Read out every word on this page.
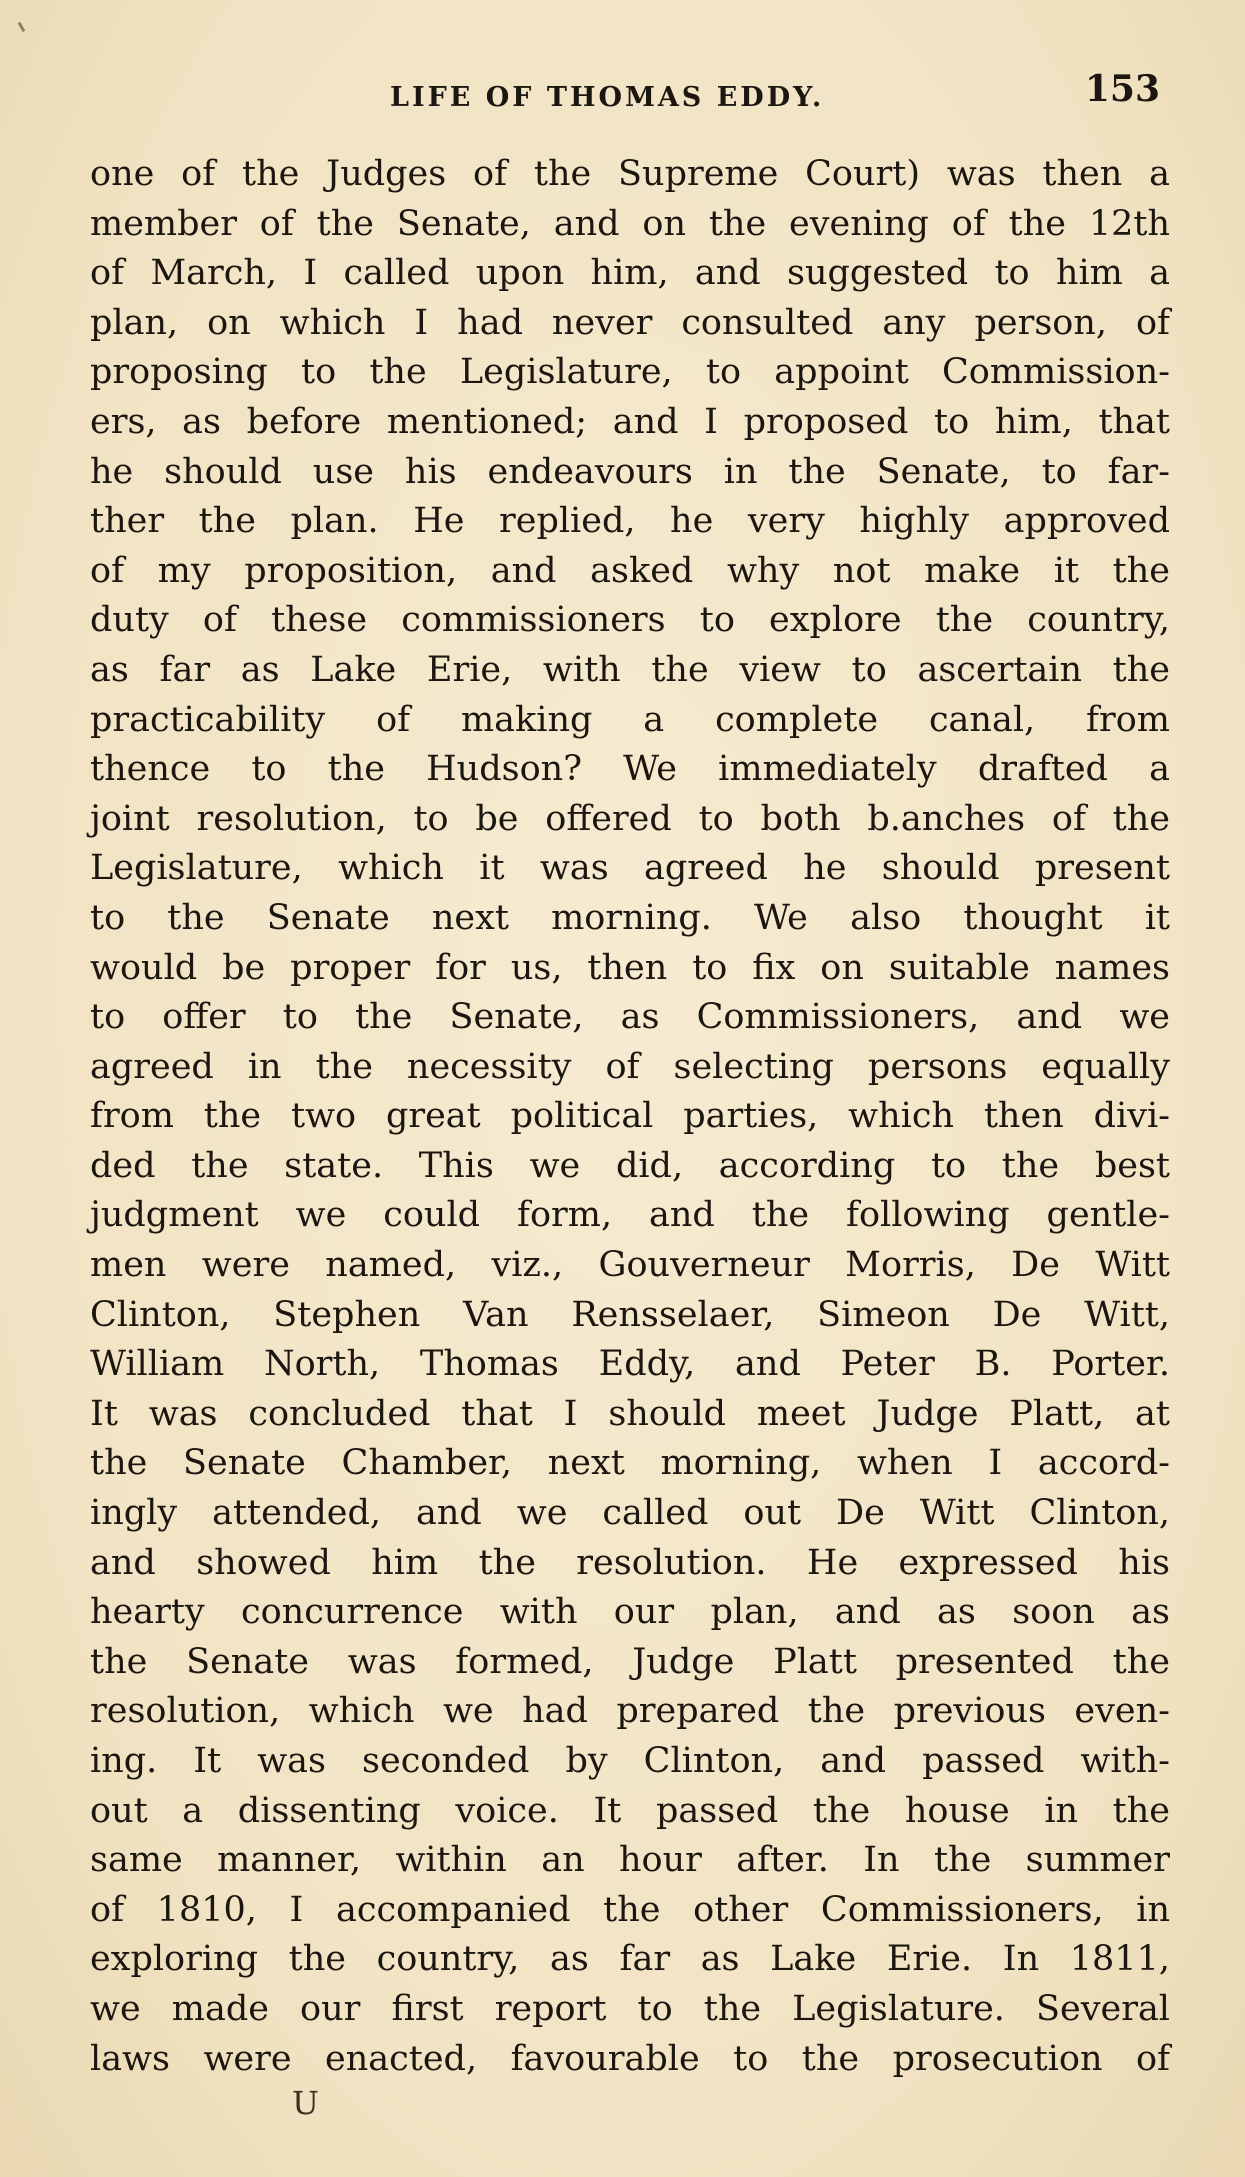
LIFE OF THOMAS EDDY.	153
one of the Judges of the Supreme Court) was then a
member of the Senate, and on the evening of the 12th
of March, I called upon him, and suggested to him a
plan, on which I had never consulted any person, of
proposing to the Legislature, to appoint Commission-
ers, as before mentioned; and I proposed to him, that
he should use his endeavours in the Senate, to far-
ther the plan. He replied, he very highly approved
of my proposition, and asked why not make it the
duty of these commissioners to explore the country,
as far as Lake Erie, with the view to ascertain the
practicability of making a complete canal, from
thence to the Hudson? We immediately drafted a
joint resolution, to be offered to both b.anches of the
Legislature, which it was agreed he should present
to the Senate next morning. We also thought it
would be proper for us, then to fix on suitable names
to offer to the Senate, as Commissioners, and we
agreed in the necessity of selecting persons equally
from the two great political parties, which then divi-
ded the state. This we did, according to the best
judgment we could form, and the following gentle-
men were named, viz., Gouverneur Morris, De Witt
Clinton, Stephen Van Rensselaer, Simeon De Witt,
William North, Thomas Eddy, and Peter B. Porter.
It was concluded that I should meet Judge Platt, at
the Senate Chamber, next morning, when I accord-
ingly attended, and we called out De Witt Clinton,
and showed him the resolution. He expressed his
hearty concurrence with our plan, and as soon as
the Senate was formed, Judge Platt presented the
resolution, which we had prepared the previous even-
ing. It was seconded by Clinton, and passed with-
out a dissenting voice. It passed the house in the
same manner, within an hour after. In the summer
of 1810, I accompanied the other Commissioners, in
exploring the country, as far as Lake Erie. In 1811,
we made our first report to the Legislature. Several
laws were enacted, favourable to the prosecution of
U
